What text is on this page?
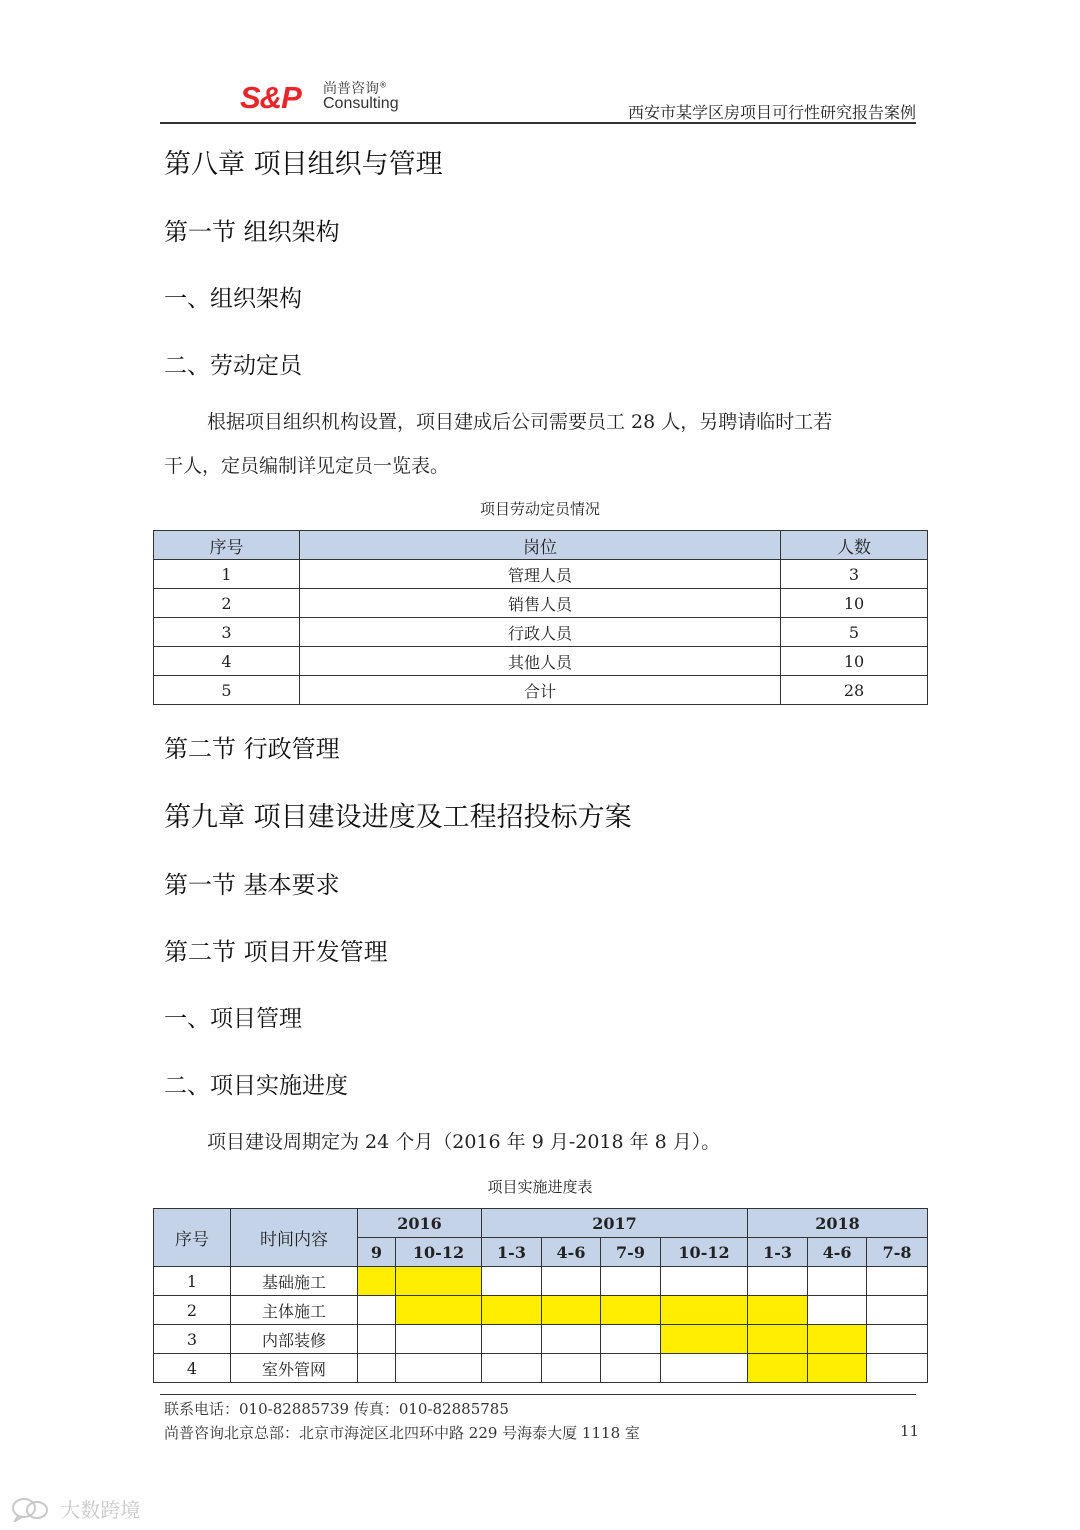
S&P 尚普咨询®
Consulting	西安市某学区房项目可行性研究报告案例
第八章 项目组织与管理
第一节 组织架构
一、组织架构
二、劳动定员
根据项目组织机构设置，项目建成后公司需要员工 28 人，另聘请临时工若
干人，定员编制详见定员一览表。
项目劳动定员情况
序号	岗位	人数
1	管理人员	3
2	销售人员	10
3	行政人员	5
4	其他人员	10
5	合计	28
第二节 行政管理
第九章 项目建设进度及工程招投标方案
第一节 基本要求
第二节 项目开发管理
一、项目管理
二、项目实施进度
项目建设周期定为 24 个月（2016 年 9 月-2018 年 8 月）。
项目实施进度表
序号	时间内容	2016		2017				2018		
		9	10-12	1-3	4-6	7-9	10-12	1-3	4-6	7-8
1	基础施工									
2	主体施工									
3	内部装修									
4	室外管网									
联系电话：010-82885739 传真：010-82885785
尚普咨询北京总部：北京市海淀区北四环中路 229 号海泰大厦 1118 室	11
大数跨境
